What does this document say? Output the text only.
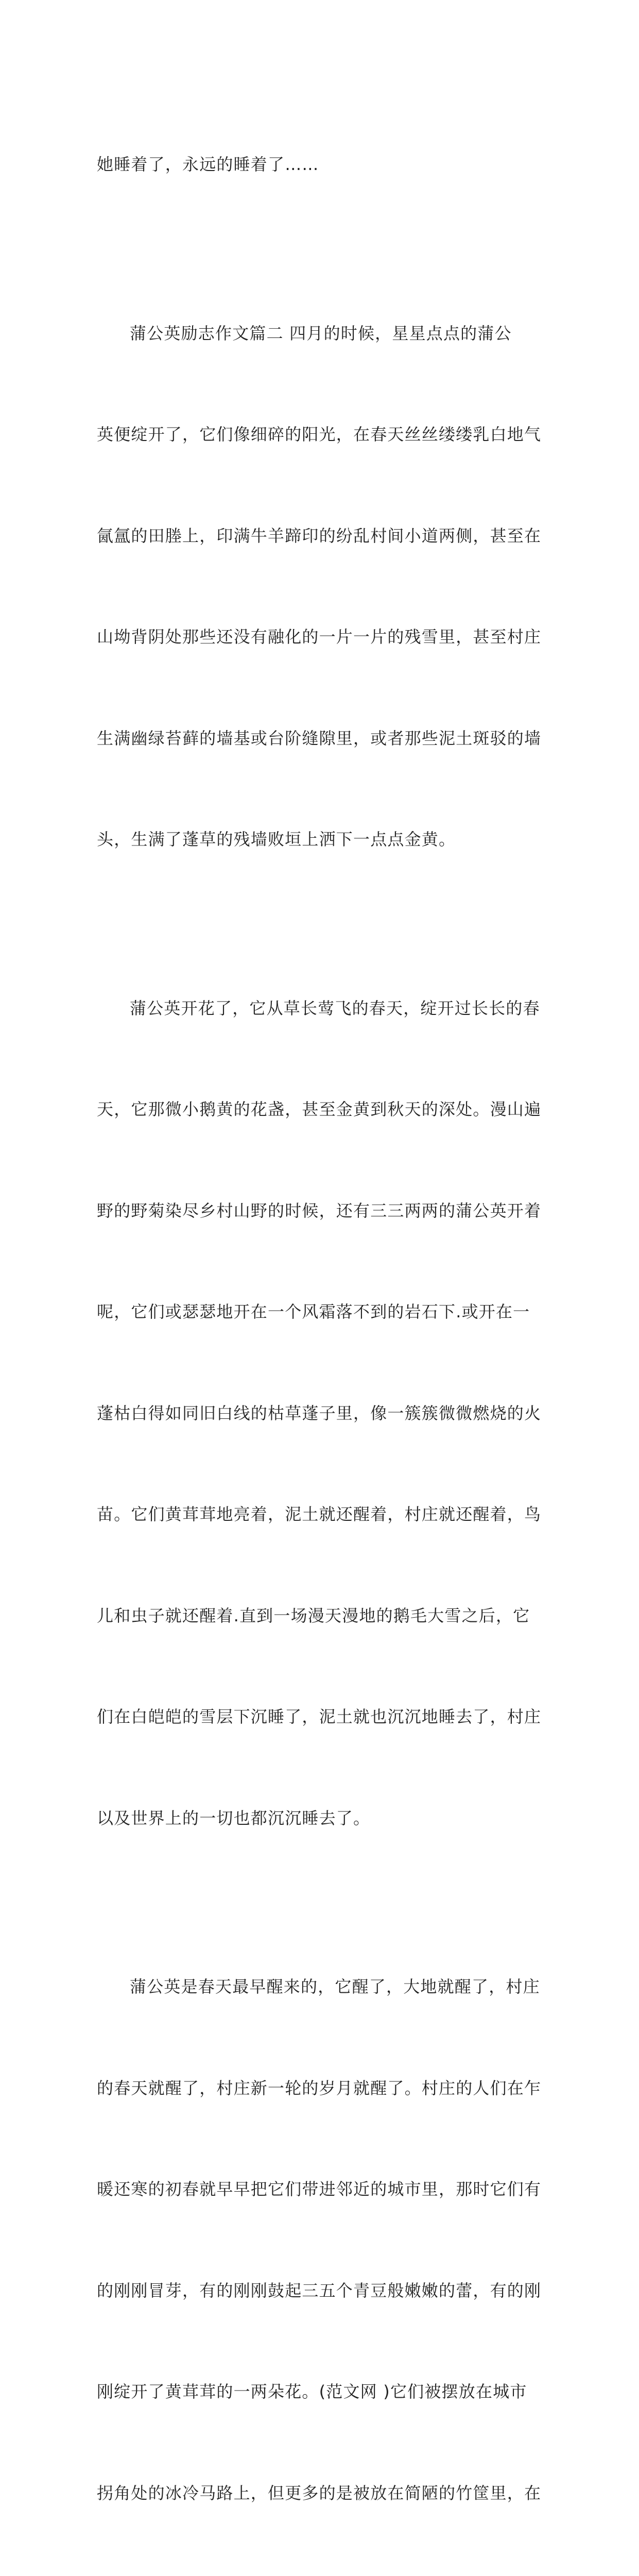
她睡着了，永远的睡着了……

蒲公英励志作文篇二 四月的时候，星星点点的蒲公

英便绽开了，它们像细碎的阳光，在春天丝丝缕缕乳白地气

氤氲的田塍上，印满牛羊蹄印的纷乱村间小道两侧，甚至在

山坳背阴处那些还没有融化的一片一片的残雪里，甚至村庄

生满幽绿苔藓的墙基或台阶缝隙里，或者那些泥土斑驳的墙

头，生满了蓬草的残墙败垣上洒下一点点金黄。

蒲公英开花了，它从草长莺飞的春天，绽开过长长的春

天，它那微小鹅黄的花盏，甚至金黄到秋天的深处。漫山遍

野的野菊染尽乡村山野的时候，还有三三两两的蒲公英开着

呢，它们或瑟瑟地开在一个风霜落不到的岩石下.或开在一

蓬枯白得如同旧白线的枯草蓬子里，像一簇簇微微燃烧的火

苗。它们黄茸茸地亮着，泥土就还醒着，村庄就还醒着，鸟

儿和虫子就还醒着.直到一场漫天漫地的鹅毛大雪之后，它

们在白皑皑的雪层下沉睡了，泥土就也沉沉地睡去了，村庄

以及世界上的一切也都沉沉睡去了。

蒲公英是春天最早醒来的，它醒了，大地就醒了，村庄

的春天就醒了，村庄新一轮的岁月就醒了。村庄的人们在乍

暖还寒的初春就早早把它们带进邻近的城市里，那时它们有

的刚刚冒芽，有的刚刚鼓起三五个青豆般嫩嫩的蕾，有的刚

刚绽开了黄茸茸的一两朵花。(范文网 )它们被摆放在城市

拐角处的冰冷马路上，但更多的是被放在简陋的竹筐里，在
